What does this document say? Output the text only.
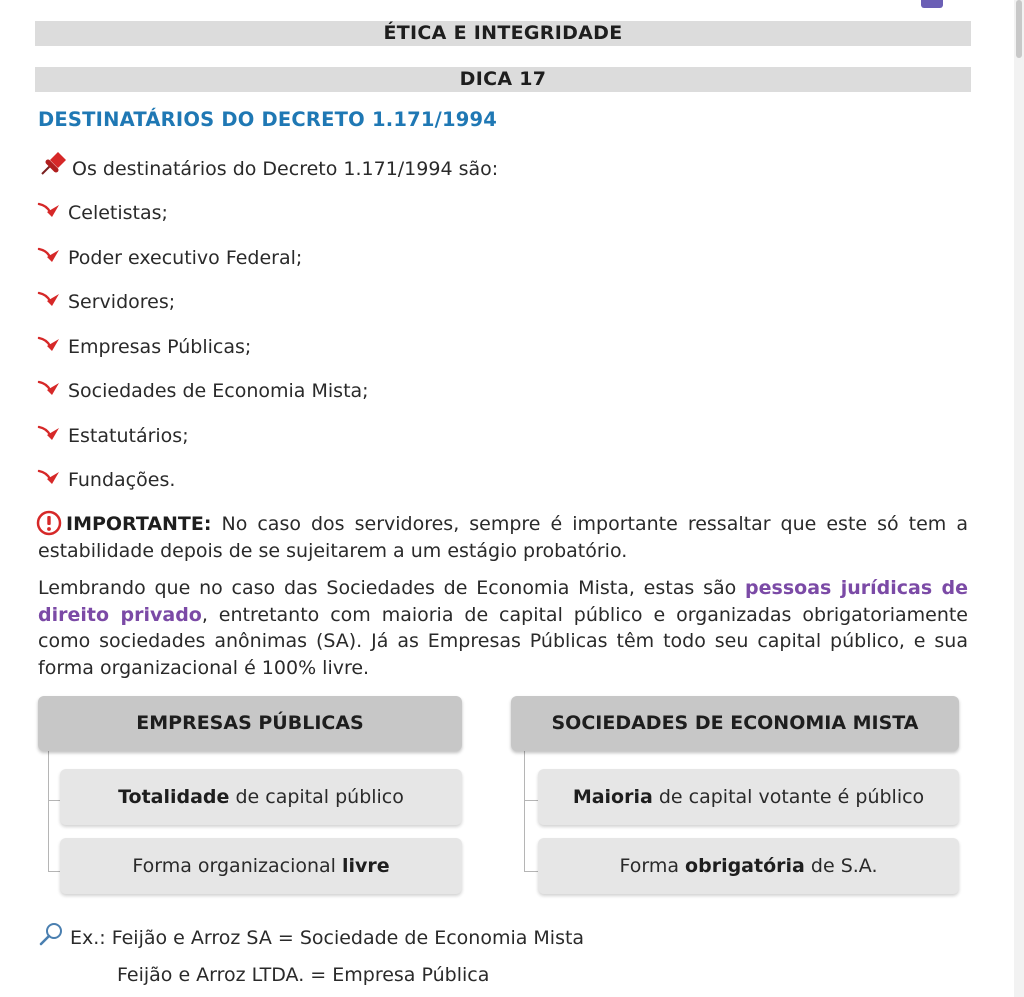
ÉTICA E INTEGRIDADE
DICA 17
DESTINATÁRIOS DO DECRETO 1.171/1994
Os destinatários do Decreto 1.171/1994 são:
Celetistas;
Poder executivo Federal;
Servidores;
Empresas Públicas;
Sociedades de Economia Mista;
Estatutários;
Fundações.
IMPORTANTE: No caso dos servidores, sempre é importante ressaltar que este só tem a estabilidade depois de se sujeitarem a um estágio probatório.
Lembrando que no caso das Sociedades de Economia Mista, estas são pessoas jurídicas de direito privado, entretanto com maioria de capital público e organizadas obrigatoriamente como sociedades anônimas (SA). Já as Empresas Públicas têm todo seu capital público, e sua forma organizacional é 100% livre.
EMPRESAS PÚBLICAS
Totalidade de capital público
Forma organizacional livre
SOCIEDADES DE ECONOMIA MISTA
Maioria de capital votante é público
Forma obrigatória de S.A.
Ex.: Feijão e Arroz SA = Sociedade de Economia Mista
Feijão e Arroz LTDA. = Empresa Pública
